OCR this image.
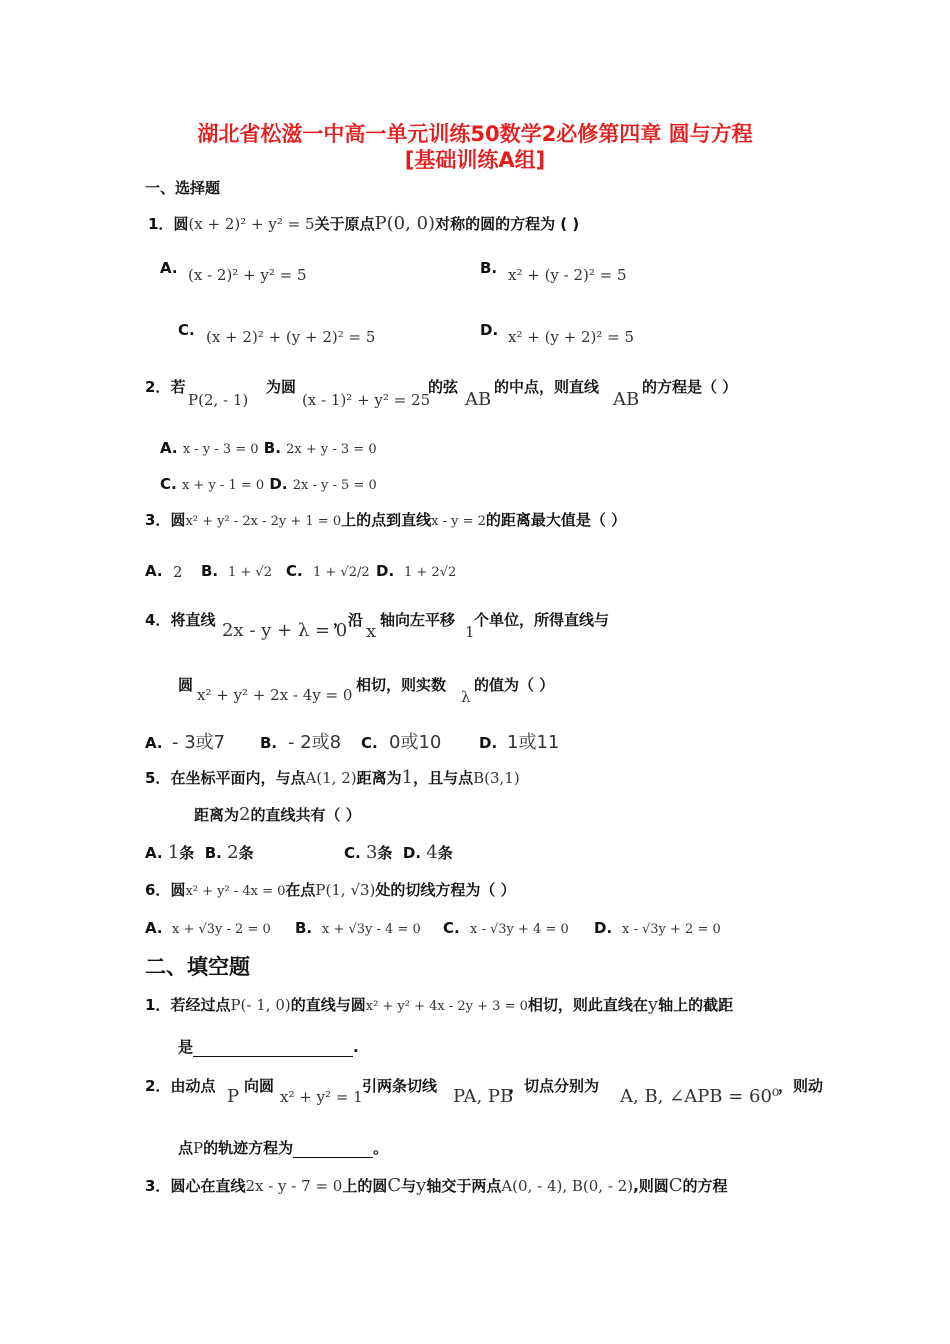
湖北省松滋一中高一单元训练50数学2必修第四章 圆与方程
[基础训练A组]
一、选择题
1．圆(x + 2)² + y² = 5关于原点P(0, 0)对称的圆的方程为 ( )
A. (x - 2)² + y² = 5	B. x² + (y - 2)² = 5
C. (x + 2)² + (y + 2)² = 5	D. x² + (y + 2)² = 5
2．若
P(2, - 1)
为圆
(x - 1)² + y² = 25
的弦
AB
的中点，则直线
AB
的方程是（ ）
A. x - y - 3 = 0 B. 2x + y - 3 = 0
C. x + y - 1 = 0 D. 2x - y - 5 = 0
3．圆x² + y² - 2x - 2y + 1 = 0上的点到直线x - y = 2的距离最大值是（ ）
A. 2 B. 1 + √2 C. 1 + √2/2 D. 1 + 2√2
4．将直线 2x - y + λ = 0
，沿
x
轴向左平移
1
个单位，所得直线与
圆
x² + y² + 2x - 4y = 0
相切，则实数
λ
的值为（ ）
A. - 3或7 B. - 2或8 C. 0或10	D. 1或11
5．在坐标平面内，与点A(1, 2)距离为1，且与点B(3,1)
距离为2的直线共有（ ）
A. 1条 B. 2条	C. 3条 D. 4条
6．圆x² + y² - 4x = 0在点P(1, √3)处的切线方程为（ ）
A. x + √3y - 2 = 0 B. x + √3y - 4 = 0 C. x - √3y + 4 = 0 D. x - √3y + 2 = 0
二、填空题
1．若经过点P(- 1, 0)的直线与圆x² + y² + 4x - 2y + 3 = 0相切，则此直线在y轴上的截距
是	.
2．由动点 P 向圆
x² + y² = 1
引两条切线 PA, PB
，切点分别为 A, B, ∠APB = 60⁰
，则动
点P的轨迹方程为	。
3．圆心在直线2x - y - 7 = 0上的圆C与y轴交于两点A(0, - 4), B(0, - 2),则圆C的方程
